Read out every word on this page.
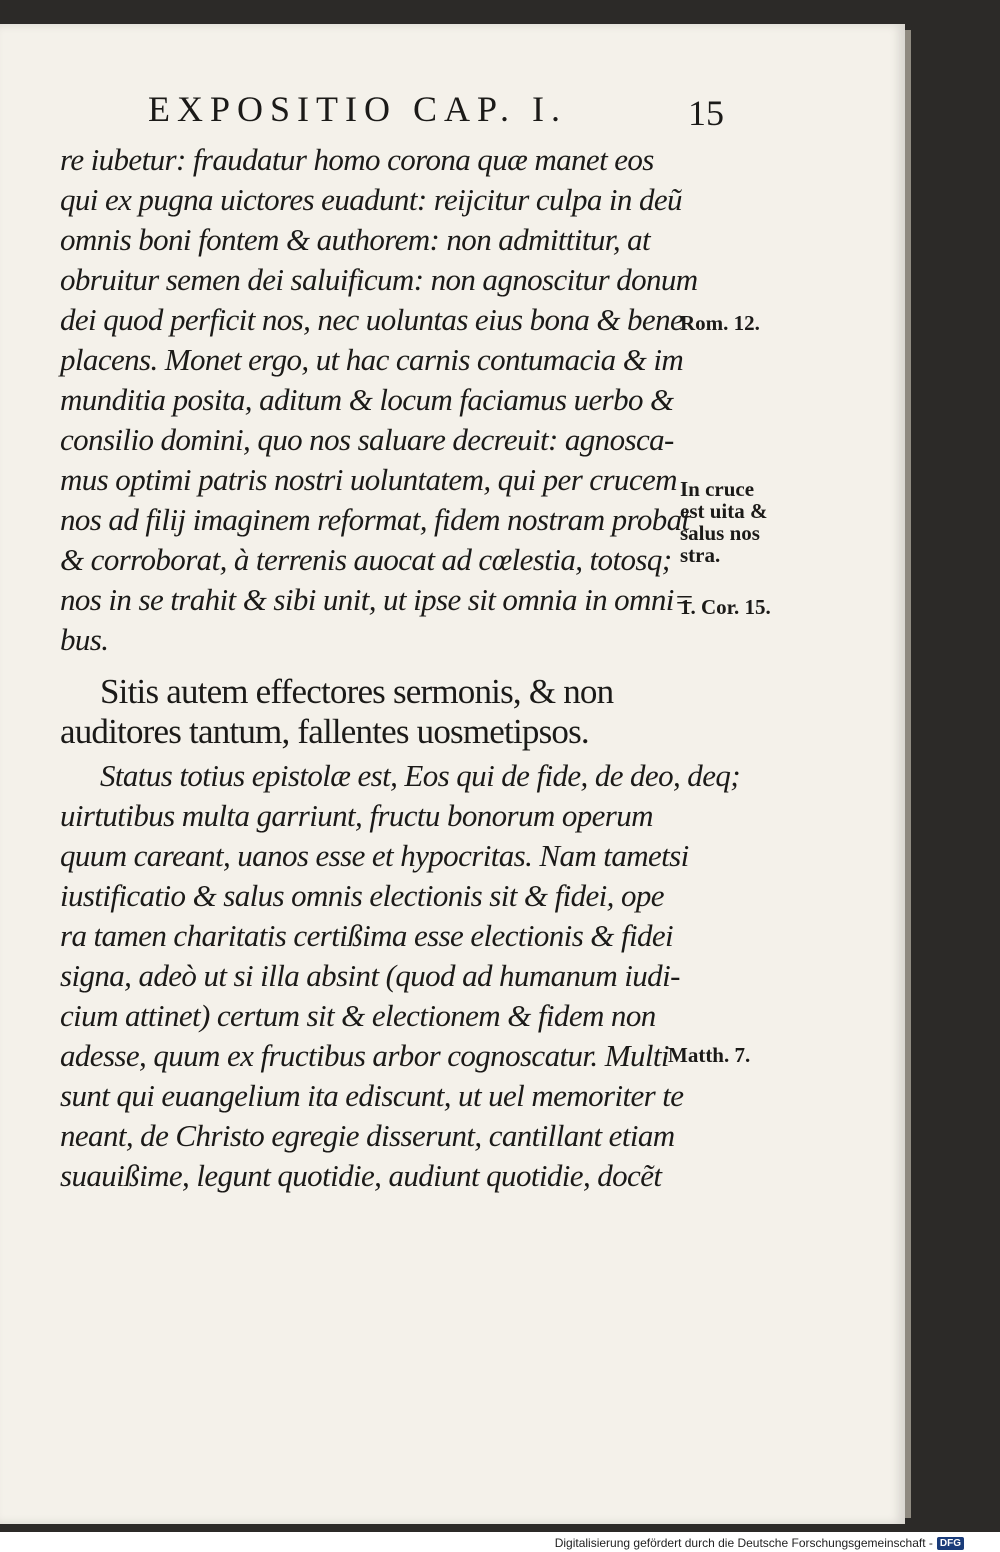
EXPOSITIO CAP. I.	15
re iubetur: fraudatur homo corona quæ manet eos
qui ex pugna uictores euadunt: reijcitur culpa in deũ
omnis boni fontem & authorem: non admittitur, at
obruitur semen dei saluificum: non agnoscitur donum
dei quod perficit nos, nec uoluntas eius bona & bene
placens. Monet ergo, ut hac carnis contumacia & im
munditia posita, aditum & locum faciamus uerbo &
consilio domini, quo nos saluare decreuit: agnosca-
mus optimi patris nostri uoluntatem, qui per crucem
nos ad filij imaginem reformat, fidem nostram probat
& corroborat, à terrenis auocat ad cœlestia, totosq;
nos in se trahit & sibi unit, ut ipse sit omnia in omni=
bus.
Sitis autem effectores sermonis, & non
auditores tantum, fallentes uosmetipsos.
Status totius epistolæ est, Eos qui de fide, de deo, deq;
uirtutibus multa garriunt, fructu bonorum operum
quum careant, uanos esse et hypocritas. Nam tametsi
iustificatio & salus omnis electionis sit & fidei, ope
ra tamen charitatis certißima esse electionis & fidei
signa, adeò ut si illa absint (quod ad humanum iudi-
cium attinet) certum sit & electionem & fidem non
adesse, quum ex fructibus arbor cognoscatur. Multi
sunt qui euangelium ita ediscunt, ut uel memoriter te
neant, de Christo egregie disserunt, cantillant etiam
suauißime, legunt quotidie, audiunt quotidie, docẽt
Rom. 12.
In cruce
est uita &
salus nos
stra.
1. Cor. 15.
Matth. 7.
Digitalisierung gefördert durch die Deutsche Forschungsgemeinschaft - DFG
